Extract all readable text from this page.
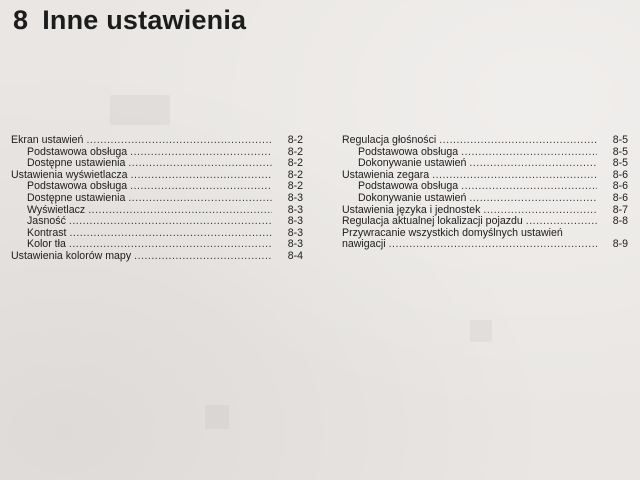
8 Inne ustawienia
Ekran ustawień .....	8-2
Podstawowa obsługa .....	8-2
Dostępne ustawienia .....	8-2
Ustawienia wyświetlacza .....	8-2
Podstawowa obsługa .....	8-2
Dostępne ustawienia .....	8-3
Wyświetlacz .....	8-3
Jasność .....	8-3
Kontrast .....	8-3
Kolor tła .....	8-3
Ustawienia kolorów mapy .....	8-4
Regulacja głośności .....	8-5
Podstawowa obsługa .....	8-5
Dokonywanie ustawień .....	8-5
Ustawienia zegara .....	8-6
Podstawowa obsługa .....	8-6
Dokonywanie ustawień .....	8-6
Ustawienia języka i jednostek .....	8-7
Regulacja aktualnej lokalizacji pojazdu .....	8-8
Przywracanie wszystkich domyślnych ustawień
nawigacji .....	8-9
